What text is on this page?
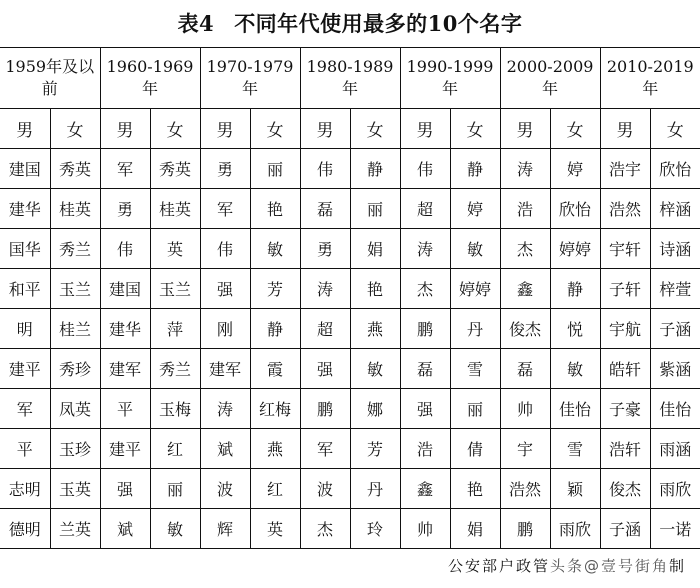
表4 不同年代使用最多的10个名字
1959年及以前		1960-1969年		1970-1979年		1980-1989年		1990-1999年		2000-2009年		2010-2019年	
男	女	男	女	男	女	男	女	男	女	男	女	男	女
建国	秀英	军	秀英	勇	丽	伟	静	伟	静	涛	婷	浩宇	欣怡
建华	桂英	勇	桂英	军	艳	磊	丽	超	婷	浩	欣怡	浩然	梓涵
国华	秀兰	伟	英	伟	敏	勇	娟	涛	敏	杰	婷婷	宇轩	诗涵
和平	玉兰	建国	玉兰	强	芳	涛	艳	杰	婷婷	鑫	静	子轩	梓萱
明	桂兰	建华	萍	刚	静	超	燕	鹏	丹	俊杰	悦	宇航	子涵
建平	秀珍	建军	秀兰	建军	霞	强	敏	磊	雪	磊	敏	皓轩	紫涵
军	凤英	平	玉梅	涛	红梅	鹏	娜	强	丽	帅	佳怡	子豪	佳怡
平	玉珍	建平	红	斌	燕	军	芳	浩	倩	宇	雪	浩轩	雨涵
志明	玉英	强	丽	波	红	波	丹	鑫	艳	浩然	颖	俊杰	雨欣
德明	兰英	斌	敏	辉	英	杰	玲	帅	娟	鹏	雨欣	子涵	一诺
公安部户政管头条@壹号街角制
